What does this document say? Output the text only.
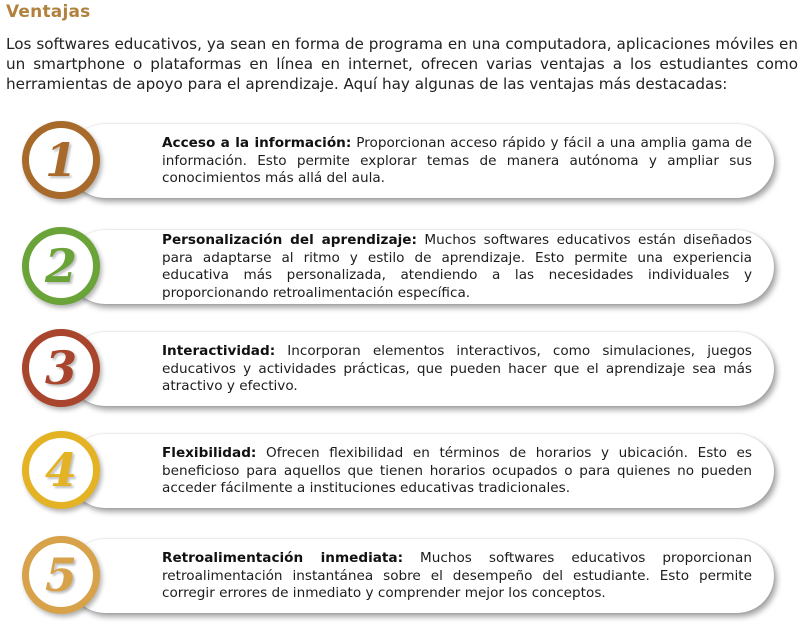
Ventajas
Los softwares educativos, ya sean en forma de programa en una computadora, aplicaciones móviles en un smartphone o plataformas en línea en internet, ofrecen varias ventajas a los estudiantes como herramientas de apoyo para el aprendizaje. Aquí hay algunas de las ventajas más destacadas:
Acceso a la información: Proporcionan acceso rápido y fácil a una amplia gama de información. Esto permite explorar temas de manera autónoma y ampliar sus conocimientos más allá del aula.
1
Personalización del aprendizaje: Muchos softwares educativos están diseñados para adaptarse al ritmo y estilo de aprendizaje. Esto permite una experiencia educativa más personalizada, atendiendo a las necesidades individuales y proporcionando retroalimentación específica.
2
Interactividad: Incorporan elementos interactivos, como simulaciones, juegos educativos y actividades prácticas, que pueden hacer que el aprendizaje sea más atractivo y efectivo.
3
Flexibilidad: Ofrecen flexibilidad en términos de horarios y ubicación. Esto es beneficioso para aquellos que tienen horarios ocupados o para quienes no pueden acceder fácilmente a instituciones educativas tradicionales.
4
Retroalimentación inmediata: Muchos softwares educativos proporcionan retroalimentación instantánea sobre el desempeño del estudiante. Esto permite corregir errores de inmediato y comprender mejor los conceptos.
5
